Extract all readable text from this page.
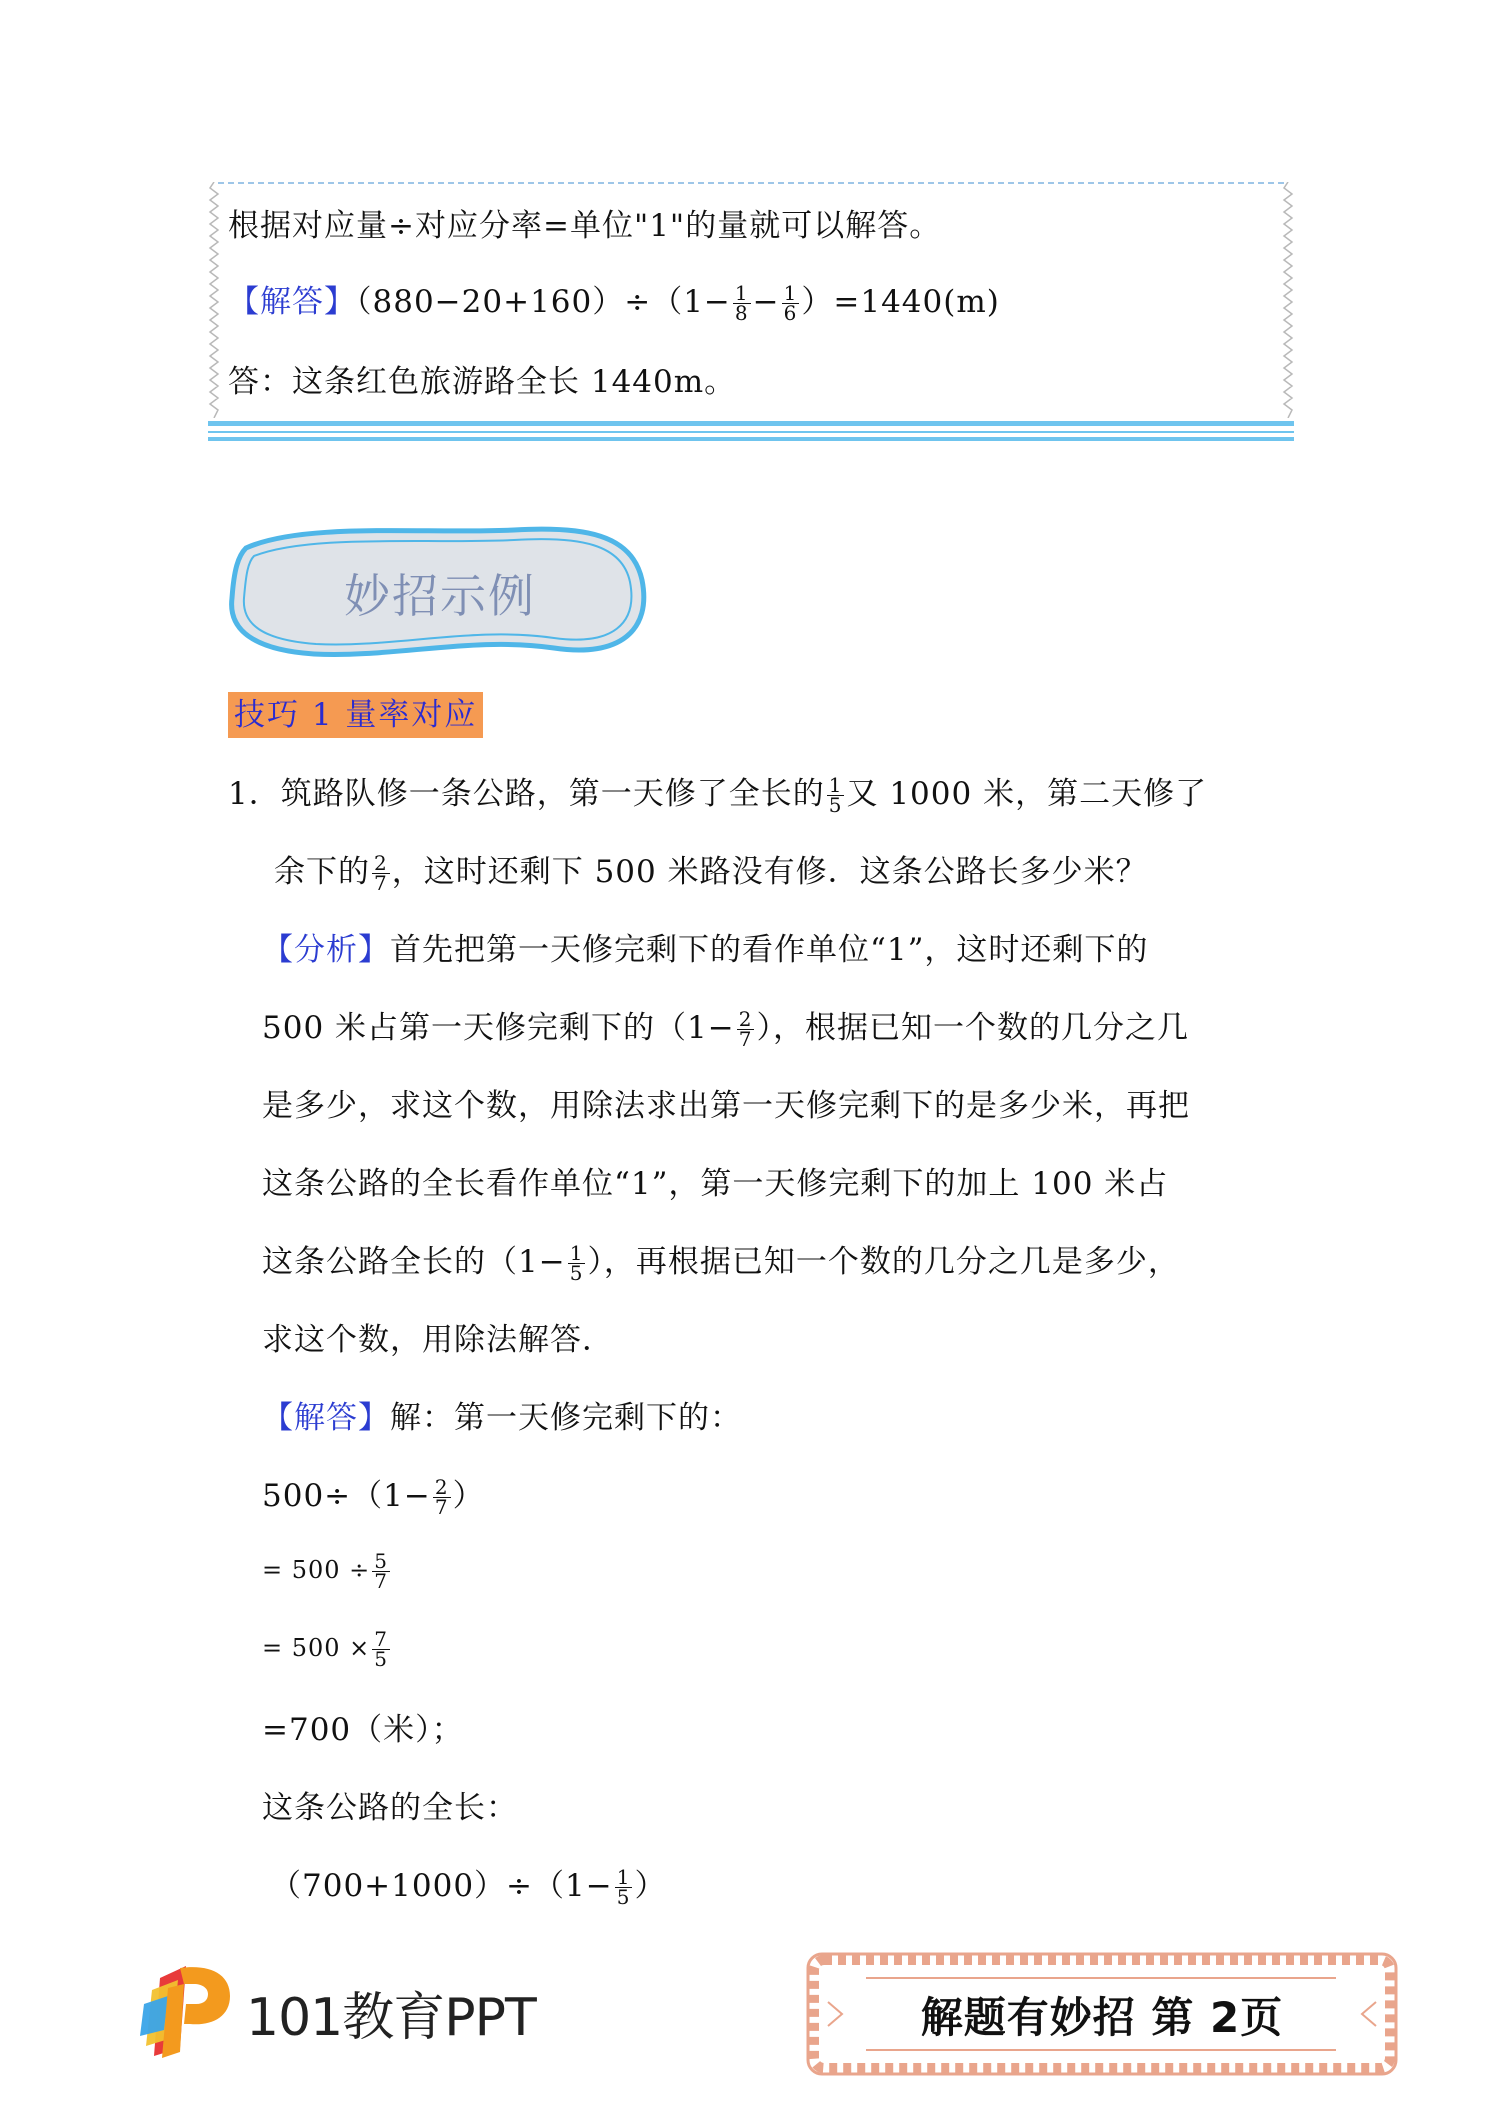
根据对应量÷对应分率=单位"1"的量就可以解答。
【解答】$(880-20+160)\div(1- \frac{1}{8} - \frac{1}{6} )=1440(m)$
答：这条红色旅游路全长 1440m。
妙招示例
技巧 1 量率对应
1．筑路队修一条公路，第一天修了全长的 $\frac{1}{5}$ 又 1000 米，第二天修了
余下的 $\frac{2}{7}$ ，这时还剩下 500 米路没有修．这条公路长多少米？
【分析】首先把第一天修完剩下的看作单位“1”，这时还剩下的
500 米占第一天修完剩下的（$1- \frac{2}{7}$ ），根据已知一个数的几分之几
是多少，求这个数，用除法求出第一天修完剩下的是多少米，再把
这条公路的全长看作单位“1”，第一天修完剩下的加上 100 米占
这条公路全长的（$1- \frac{1}{5}$ ），再根据已知一个数的几分之几是多少，
求这个数，用除法解答．
【解答】解：第一天修完剩下的：
$500\div(1- \frac{2}{7}$ ）
= $500 \div \frac{5}{7}$
= $500 \times \frac{7}{5}$
=700（米）；
这条公路的全长：
$(700+1000)\div(1- \frac{1}{5}$ ）
101教育PPT	解题有妙招 第 2页
